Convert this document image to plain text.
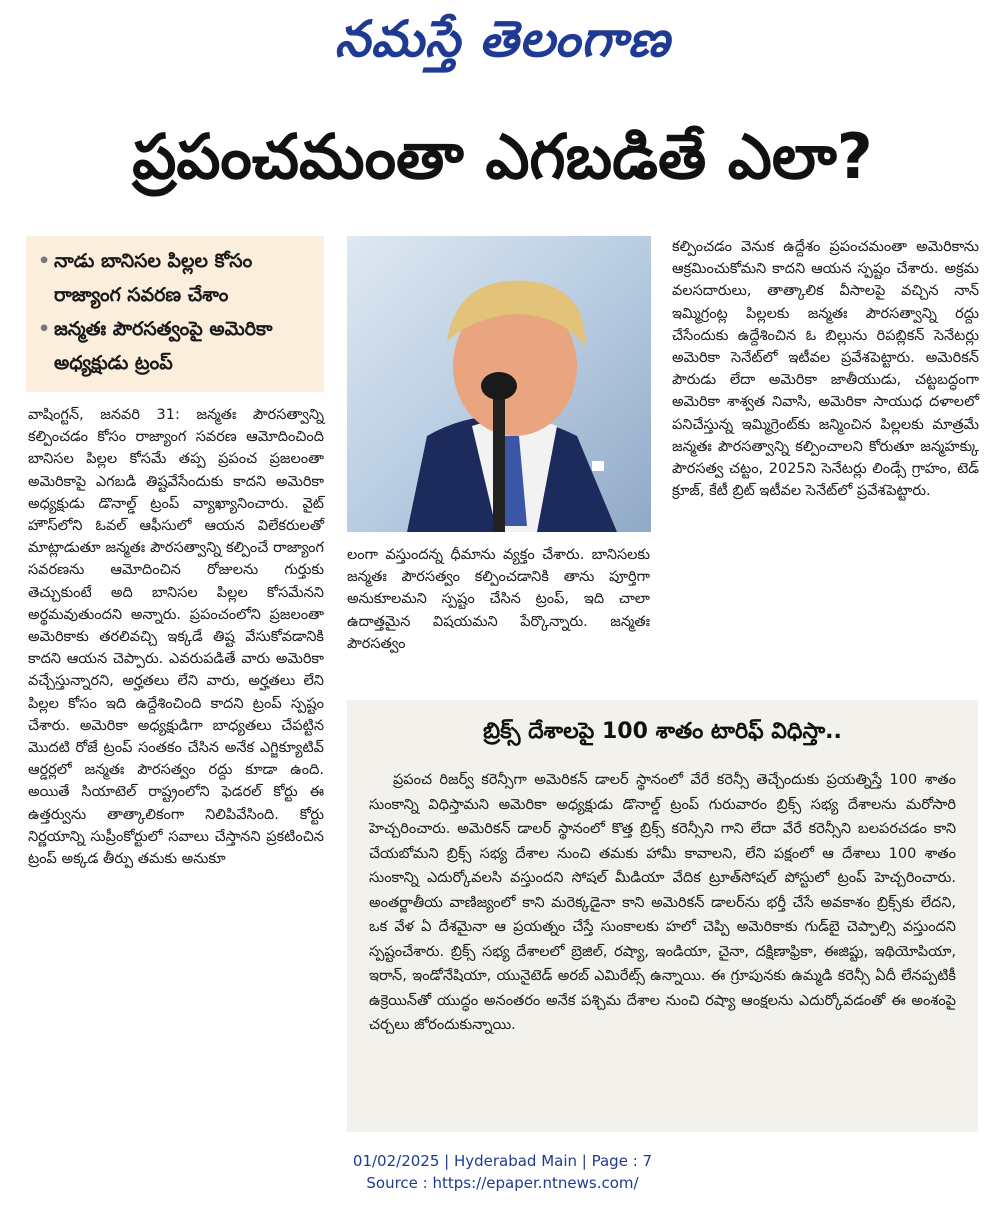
నమస్తే తెలంగాణ
ప్రపంచమంతా ఎగబడితే ఎలా?
• నాడు బానిసల పిల్లల కోసం రాజ్యాంగ సవరణ చేశాం
• జన్మతః పౌరసత్వంపై అమెరికా అధ్యక్షుడు ట్రంప్
వాషింగ్టన్, జనవరి 31: జన్మతః పౌరసత్వాన్ని కల్పించడం కోసం రాజ్యాంగ సవరణ ఆమోదించింది బానిసల పిల్లల కోసమే తప్ప ప్రపంచ ప్రజలంతా అమెరికాపై ఎగబడి తిష్టవేసేందుకు కాదని అమెరికా అధ్యక్షుడు డొనాల్డ్ ట్రంప్ వ్యాఖ్యానించారు. వైట్ హౌస్‌లోని ఓవల్ ఆఫీసులో ఆయన విలేకరులతో మాట్లాడుతూ జన్మతః పౌరసత్వాన్ని కల్పించే రాజ్యాంగ సవరణను ఆమోదించిన రోజులను గుర్తుకు తెచ్చుకుంటే అది బానిసల పిల్లల కోసమేనని అర్థమవుతుందని అన్నారు. ప్రపంచంలోని ప్రజలంతా అమెరికాకు తరలివచ్చి ఇక్కడే తిష్ట వేసుకోవడానికి కాదని ఆయన చెప్పారు. ఎవరుపడితే వారు అమెరికా వచ్చేస్తున్నారని, అర్హతలు లేని వారు, అర్హతలు లేని పిల్లల కోసం ఇది ఉద్దేశించింది కాదని ట్రంప్ స్పష్టం చేశారు. అమెరికా అధ్యక్షుడిగా బాధ్యతలు చేపట్టిన మొదటి రోజే ట్రంప్ సంతకం చేసిన అనేక ఎగ్జిక్యూటివ్ ఆర్డర్లలో జన్మతః పౌరసత్వం రద్దు కూడా ఉంది. అయితే సియాటెల్ రాష్ట్రంలోని ఫెడరల్ కోర్టు ఈ ఉత్తర్వును తాత్కాలికంగా నిలిపివేసింది. కోర్టు నిర్ణయాన్ని సుప్రీంకోర్టులో సవాలు చేస్తానని ప్రకటించిన ట్రంప్ అక్కడ తీర్పు తమకు అనుకూ
లంగా వస్తుందన్న ధీమాను వ్యక్తం చేశారు. బానిసలకు జన్మతః పౌరసత్వం కల్పించడానికి తాను పూర్తిగా అనుకూలమని స్పష్టం చేసిన ట్రంప్, ఇది చాలా ఉదాత్తమైన విషయమని పేర్కొన్నారు. జన్మతః పౌరసత్వం
కల్పించడం వెనుక ఉద్దేశం ప్రపంచమంతా అమెరికాను ఆక్రమించుకోమని కాదని ఆయన స్పష్టం చేశారు. అక్రమ వలసదారులు, తాత్కాలిక వీసాలపై వచ్చిన నాన్ ఇమ్మిగ్రంట్ల పిల్లలకు జన్మతః పౌరసత్వాన్ని రద్దు చేసేందుకు ఉద్దేశించిన ఓ బిల్లును రిపబ్లికన్ సెనేటర్లు అమెరికా సెనేట్‌లో ఇటీవల ప్రవేశపెట్టారు. అమెరికన్ పౌరుడు లేదా అమెరికా జాతీయుడు, చట్టబద్ధంగా అమెరికా శాశ్వత నివాసి, అమెరికా సాయుధ దళాలలో పనిచేస్తున్న ఇమ్మిగ్రెంట్‌కు జన్మించిన పిల్లలకు మాత్రమే జన్మతః పౌరసత్వాన్ని కల్పించాలని కోరుతూ జన్మహక్కు పౌరసత్వ చట్టం, 2025ని సెనేటర్లు లిండ్సే గ్రాహం, టెడ్ క్రూజ్, కేటీ బ్రిట్ ఇటీవల సెనేట్‌లో ప్రవేశపెట్టారు.
బ్రిక్స్ దేశాలపై 100 శాతం టారిఫ్ విధిస్తా..
ప్రపంచ రిజర్వ్ కరెన్సీగా అమెరికన్ డాలర్ స్థానంలో వేరే కరెన్సీ తెచ్చేందుకు ప్రయత్నిస్తే 100 శాతం సుంకాన్ని విధిస్తామని అమెరికా అధ్యక్షుడు డొనాల్డ్ ట్రంప్ గురువారం బ్రిక్స్ సభ్య దేశాలను మరోసారి హెచ్చరించారు. అమెరికన్ డాలర్ స్థానంలో కొత్త బ్రిక్స్ కరెన్సీని గాని లేదా వేరే కరెన్సీని బలపరచడం కాని చేయబోమని బ్రిక్స్ సభ్య దేశాల నుంచి తమకు హామీ కావాలని, లేని పక్షంలో ఆ దేశాలు 100 శాతం సుంకాన్ని ఎదుర్కోవలసి వస్తుందని సోషల్ మీడియా వేదిక ట్రూత్‌సోషల్ పోస్టులో ట్రంప్ హెచ్చరించారు. అంతర్జాతీయ వాణిజ్యంలో కాని మరెక్కడైనా కాని అమెరికన్ డాలర్‌ను భర్తీ చేసే అవకాశం బ్రిక్స్‌కు లేదని, ఒక వేళ ఏ దేశమైనా ఆ ప్రయత్నం చేస్తే సుంకాలకు హలో చెప్పి అమెరికాకు గుడ్‌బై చెప్పాల్సి వస్తుందని స్పష్టంచేశారు. బ్రిక్స్ సభ్య దేశాలలో బ్రెజిల్, రష్యా, ఇండియా, చైనా, దక్షిణాఫ్రికా, ఈజిప్టు, ఇథియోపియా, ఇరాన్, ఇండోనేషియా, యునైటెడ్ అరబ్ ఎమిరేట్స్ ఉన్నాయి. ఈ గ్రూపునకు ఉమ్మడి కరెన్సీ ఏదీ లేనప్పటికీ ఉక్రెయిన్‌తో యుద్ధం అనంతరం అనేక పశ్చిమ దేశాల నుంచి రష్యా ఆంక్షలను ఎదుర్కోవడంతో ఈ అంశంపై చర్చలు జోరందుకున్నాయి.
01/02/2025 | Hyderabad Main | Page : 7
Source : https://epaper.ntnews.com/
